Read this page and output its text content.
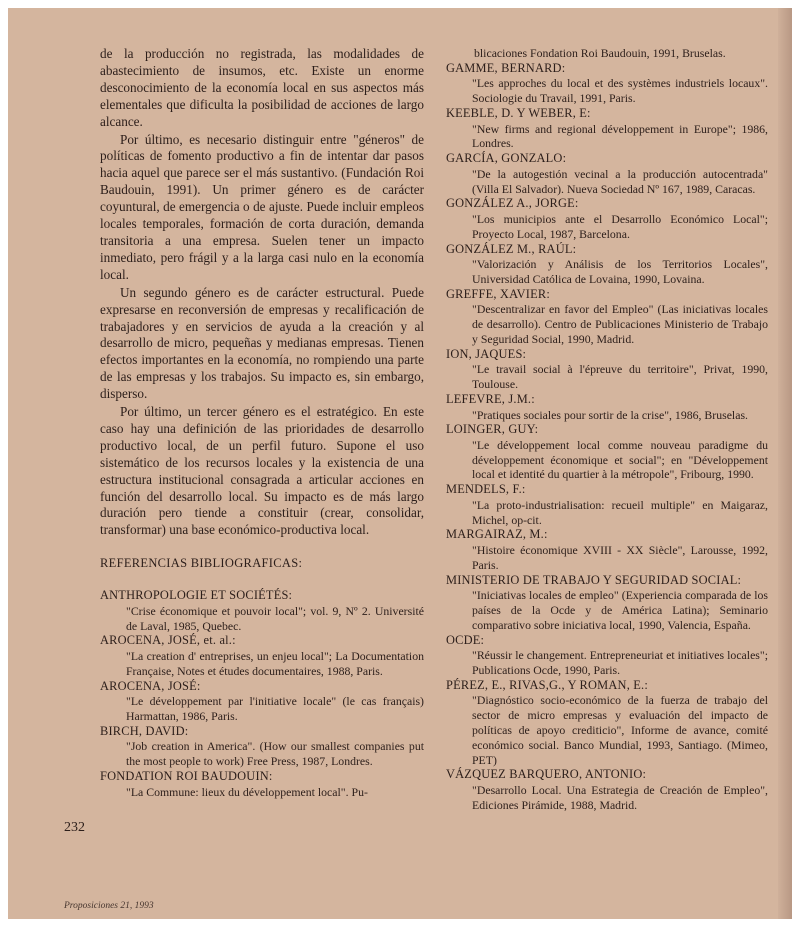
de la producción no registrada, las modalidades de abastecimiento de insumos, etc. Existe un enorme desconocimiento de la economía local en sus aspectos más elementales que dificulta la posibilidad de acciones de largo alcance.

Por último, es necesario distinguir entre "géneros" de políticas de fomento productivo a fin de intentar dar pasos hacia aquel que parece ser el más sustantivo. (Fundación Roi Baudouin, 1991). Un primer género es de carácter coyuntural, de emergencia o de ajuste. Puede incluir empleos locales temporales, formación de corta duración, demanda transitoria a una empresa. Suelen tener un impacto inmediato, pero frágil y a la larga casi nulo en la economía local.

Un segundo género es de carácter estructural. Puede expresarse en reconversión de empresas y recalificación de trabajadores y en servicios de ayuda a la creación y al desarrollo de micro, pequeñas y medianas empresas. Tienen efectos importantes en la economía, no rompiendo una parte de las empresas y los trabajos. Su impacto es, sin embargo, disperso.

Por último, un tercer género es el estratégico. En este caso hay una definición de las prioridades de desarrollo productivo local, de un perfil futuro. Supone el uso sistemático de los recursos locales y la existencia de una estructura institucional consagrada a articular acciones en función del desarrollo local. Su impacto es de más largo duración pero tiende a constituir (crear, consolidar, transformar) una base económico-productiva local.

REFERENCIAS BIBLIOGRAFICAS:
ANTHROPOLOGIE ET SOCIÉTÉS:
"Crise économique et pouvoir local"; vol. 9, Nº 2. Université de Laval, 1985, Quebec.
AROCENA, JOSÉ, et. al.:
"La creation d' entreprises, un enjeu local"; La Documentation Française, Notes et études documentaires, 1988, Paris.
AROCENA, JOSÉ:
"Le développement par l'initiative locale" (le cas français) Harmattan, 1986, Paris.
BIRCH, DAVID:
"Job creation in America". (How our smallest companies put the most people to work) Free Press, 1987, Londres.
FONDATION ROI BAUDOUIN:
"La Commune: lieux du développement local". Pu-
blicaciones Fondation Roi Baudouin, 1991, Bruselas.
GAMME, BERNARD:
"Les approches du local et des systèmes industriels locaux". Sociologie du Travail, 1991, Paris.
KEEBLE, D. Y WEBER, E:
"New firms and regional développement in Europe"; 1986, Londres.
GARCÍA, GONZALO:
"De la autogestión vecinal a la producción autocentrada" (Villa El Salvador). Nueva Sociedad Nº 167, 1989, Caracas.
GONZÁLEZ A., JORGE:
"Los municipios ante el Desarrollo Económico Local"; Proyecto Local, 1987, Barcelona.
GONZÁLEZ M., RAÚL:
"Valorización y Análisis de los Territorios Locales", Universidad Católica de Lovaina, 1990, Lovaina.
GREFFE, XAVIER:
"Descentralizar en favor del Empleo" (Las iniciativas locales de desarrollo). Centro de Publicaciones Ministerio de Trabajo y Seguridad Social, 1990, Madrid.
ION, JAQUES:
"Le travail social à l'épreuve du territoire", Privat, 1990, Toulouse.
LEFEVRE, J.M.:
"Pratiques sociales pour sortir de la crise", 1986, Bruselas.
LOINGER, GUY:
"Le développement local comme nouveau paradigme du développement économique et social"; en "Développement local et identité du quartier à la métropole", Fribourg, 1990.
MENDELS, F.:
"La proto-industrialisation: recueil multiple" en Maigaraz, Michel, op-cit.
MARGAIRAZ, M.:
"Histoire économique XVIII - XX Siècle", Larousse, 1992, Paris.
MINISTERIO DE TRABAJO Y SEGURIDAD SOCIAL:
"Iniciativas locales de empleo" (Experiencia comparada de los países de la Ocde y de América Latina); Seminario comparativo sobre iniciativa local, 1990, Valencia, España.
OCDE:
"Réussir le changement. Entrepreneuriat et initiatives locales"; Publications Ocde, 1990, Paris.
PÉREZ, E., RIVAS,G., Y ROMAN, E.:
"Diagnóstico socio-económico de la fuerza de trabajo del sector de micro empresas y evaluación del impacto de políticas de apoyo crediticio", Informe de avance, comité económico social. Banco Mundial, 1993, Santiago. (Mimeo, PET)
VÁZQUEZ BARQUERO, ANTONIO:
"Desarrollo Local. Una Estrategia de Creación de Empleo", Ediciones Pirámide, 1988, Madrid.
232
Proposiciones 21, 1993
